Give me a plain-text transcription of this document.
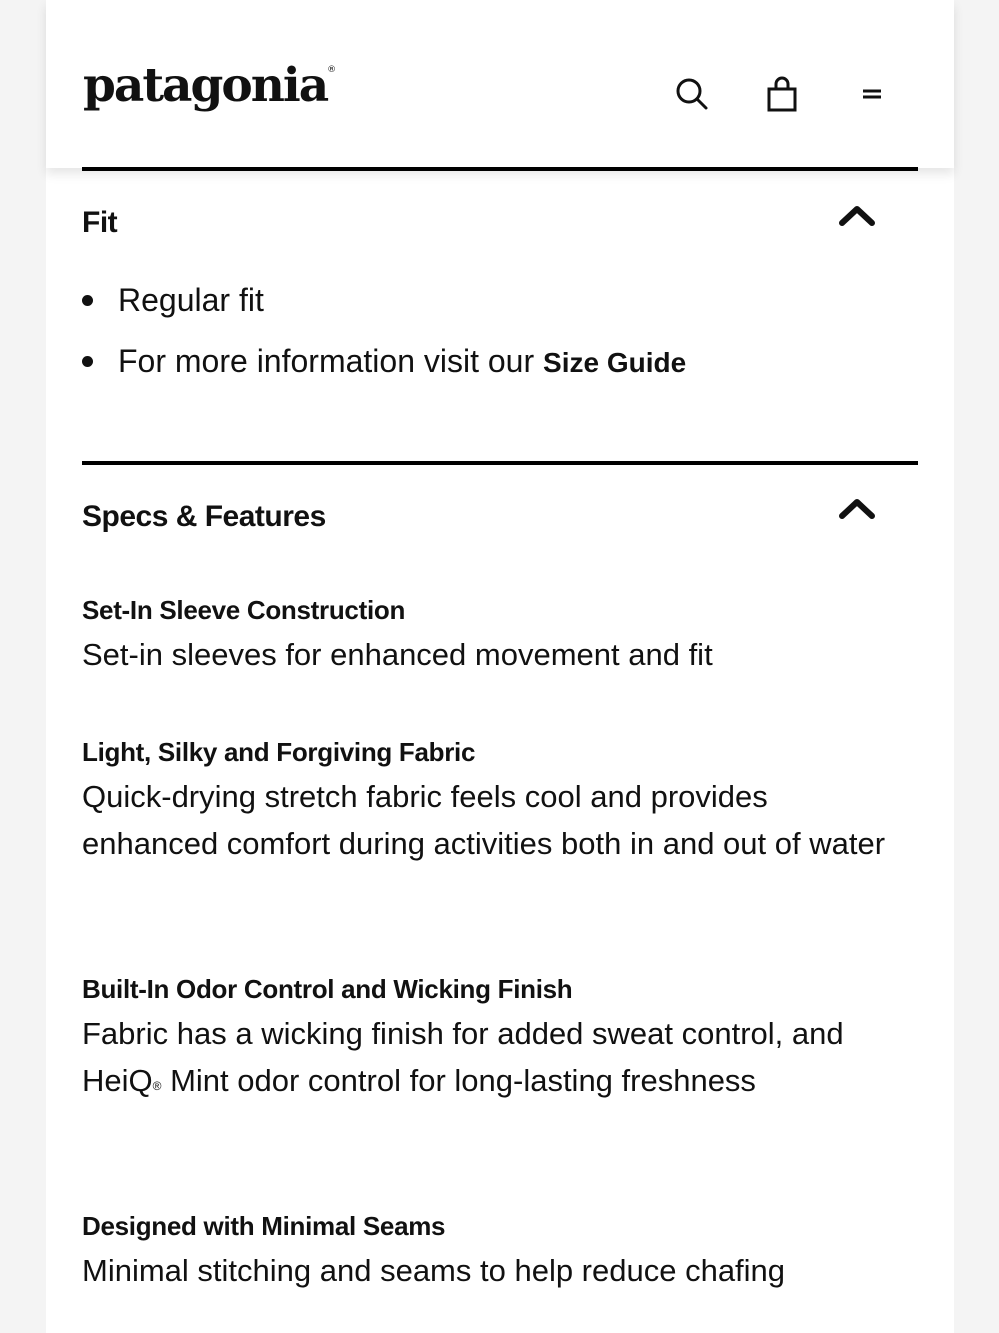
patagonia®
Fit
Regular fit
For more information visit our Size Guide
Specs & Features
Set-In Sleeve Construction
Set-in sleeves for enhanced movement and fit
Light, Silky and Forgiving Fabric
Quick-drying stretch fabric feels cool and provides enhanced comfort during activities both in and out of water
Built-In Odor Control and Wicking Finish
Fabric has a wicking finish for added sweat control, and HeiQ® Mint odor control for long-lasting freshness
Designed with Minimal Seams
Minimal stitching and seams to help reduce chafing
